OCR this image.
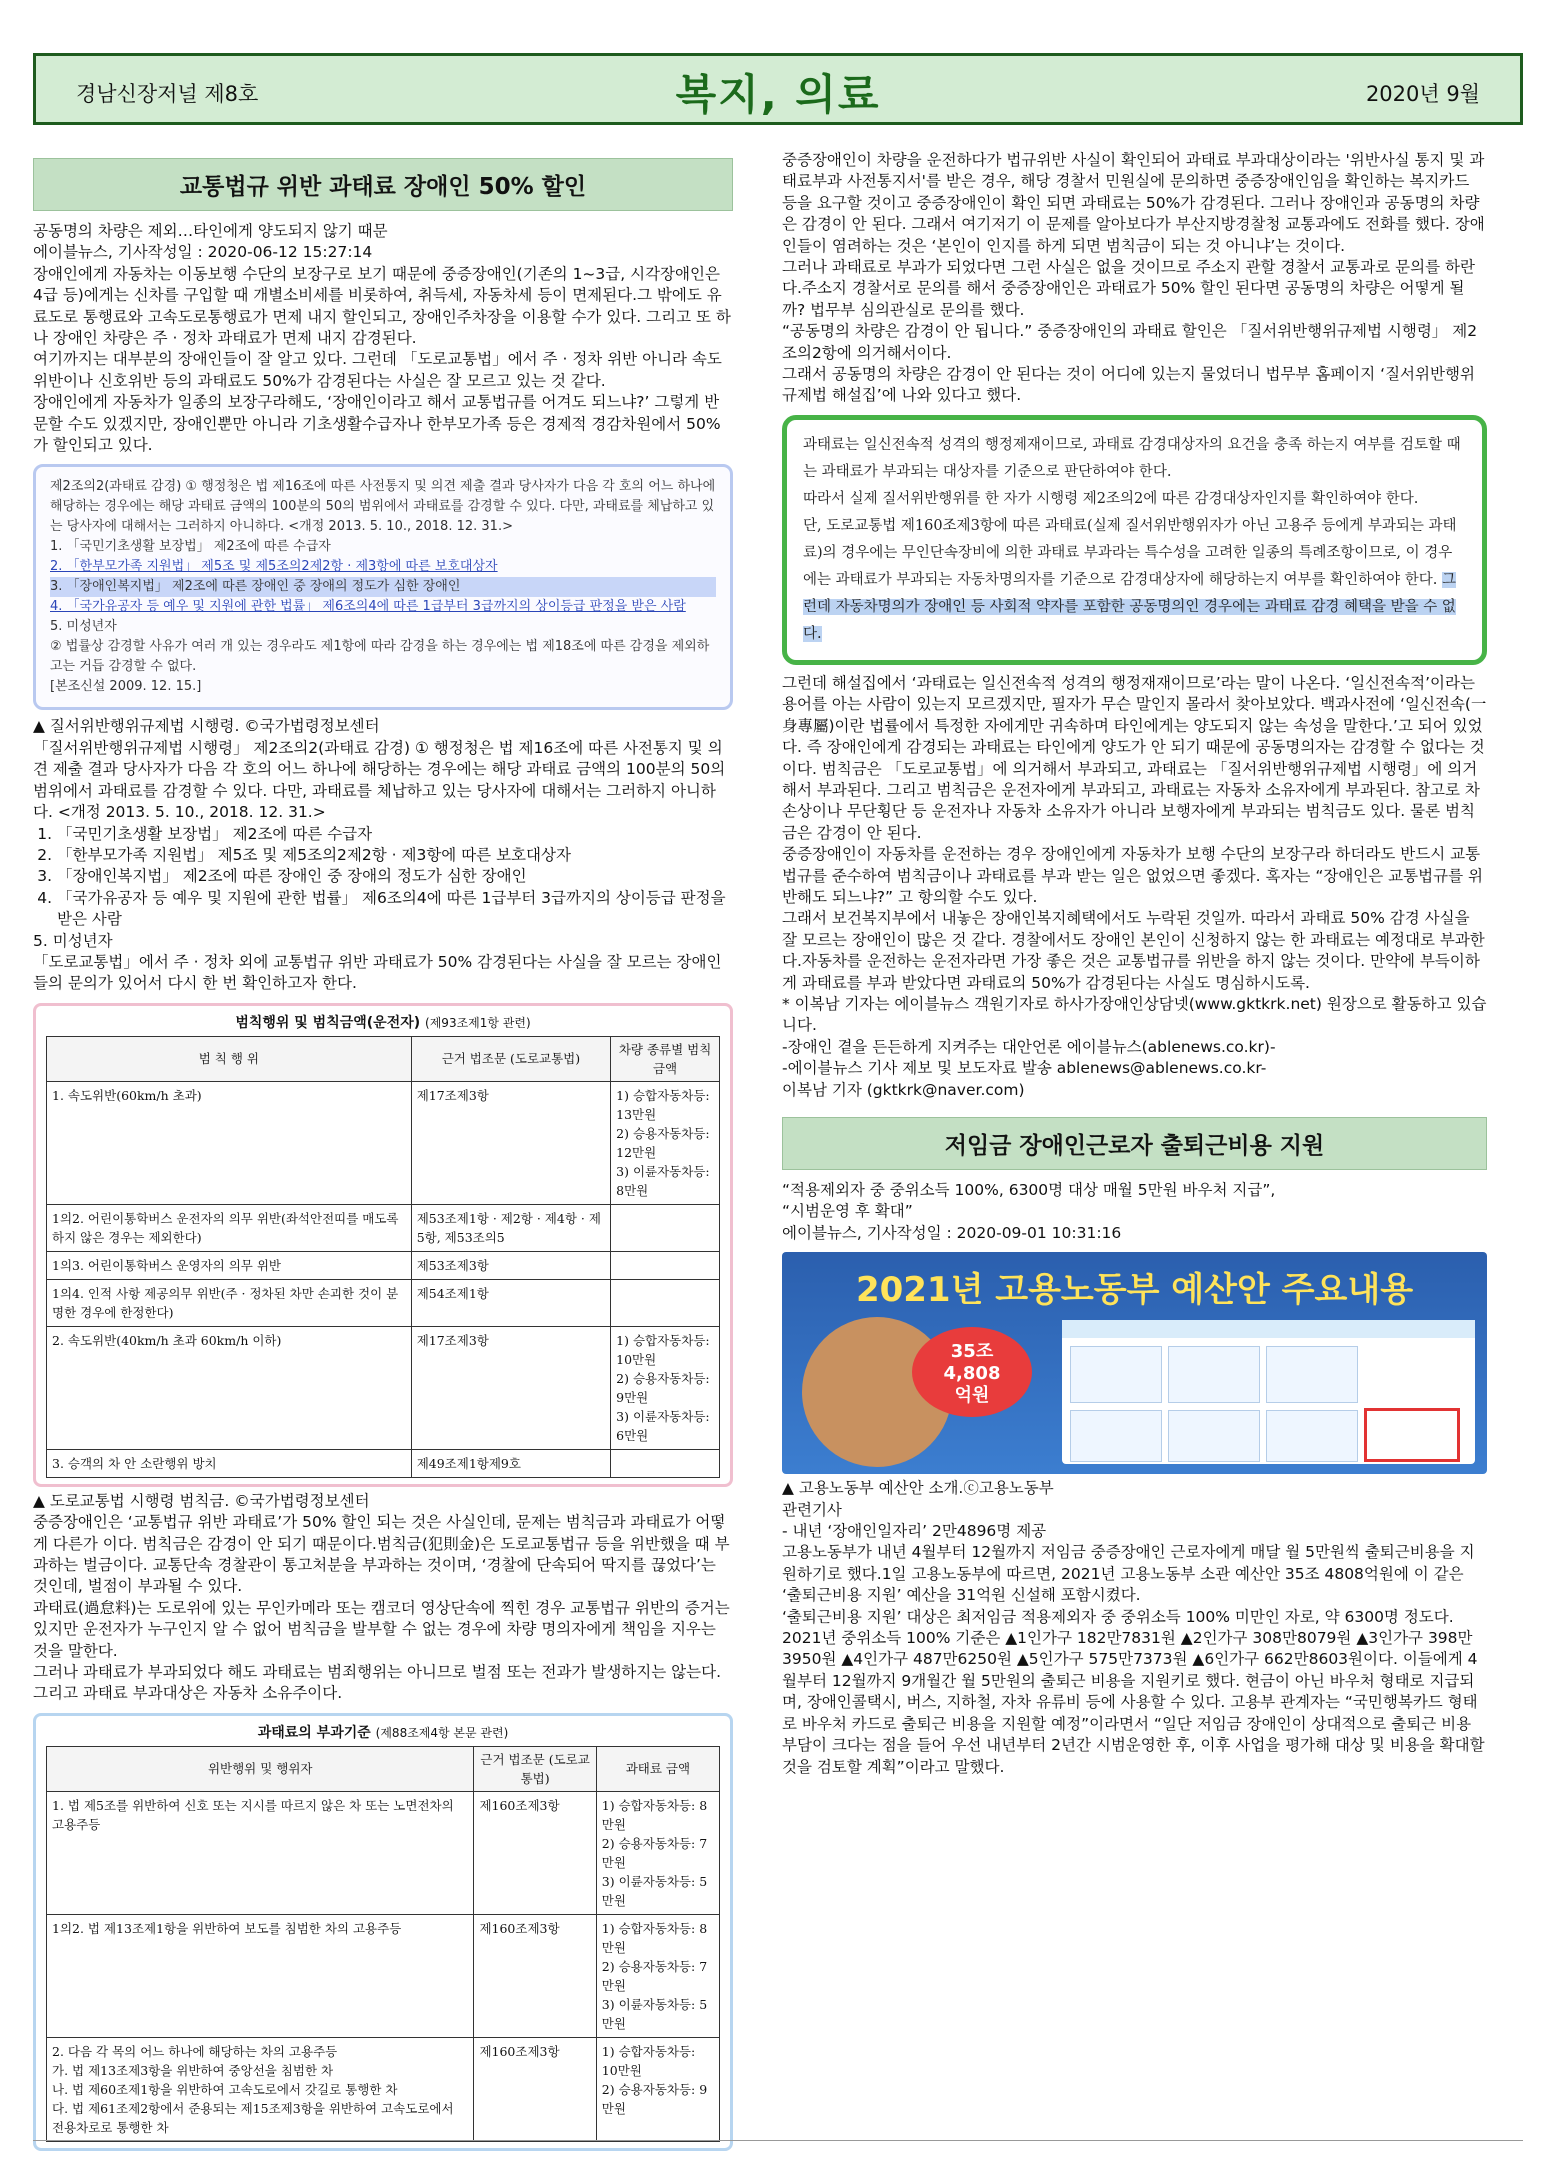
경남신장저널 제8호	복지, 의료	2020년 9월
교통법규 위반 과태료 장애인 50% 할인

공동명의 차량은 제외…타인에게 양도되지 않기 때문

에이블뉴스, 기사작성일 : 2020-06-12 15:27:14

장애인에게 자동차는 이동보행 수단의 보장구로 보기 때문에 중증장애인(기존의 1~3급, 시각장애인은 4급 등)에게는 신차를 구입할 때 개별소비세를 비롯하여, 취득세, 자동차세 등이 면제된다.그 밖에도 유료도로 통행료와 고속도로통행료가 면제 내지 할인되고, 장애인주차장을 이용할 수가 있다. 그리고 또 하나 장애인 차량은 주 · 정차 과태료가 면제 내지 감경된다.

여기까지는 대부분의 장애인들이 잘 알고 있다. 그런데 「도로교통법」에서 주 · 정차 위반 아니라 속도위반이나 신호위반 등의 과태료도 50%가 감경된다는 사실은 잘 모르고 있는 것 같다.

장애인에게 자동차가 일종의 보장구라해도, ‘장애인이라고 해서 교통법규를 어겨도 되느냐?’ 그렇게 반문할 수도 있겠지만, 장애인뿐만 아니라 기초생활수급자나 한부모가족 등은 경제적 경감차원에서 50%가 할인되고 있다.

제2조의2(과태료 감경) ① 행정청은 법 제16조에 따른 사전통지 및 의견 제출 결과 당사자가 다음 각 호의 어느 하나에 해당하는 경우에는 해당 과태료 금액의 100분의 50의 범위에서 과태료를 감경할 수 있다. 다만, 과태료를 체납하고 있는 당사자에 대해서는 그러하지 아니하다. <개정 2013. 5. 10., 2018. 12. 31.>
1. 「국민기초생활 보장법」 제2조에 따른 수급자
2. 「한부모가족 지원법」 제5조 및 제5조의2제2항 · 제3항에 따른 보호대상자
3. 「장애인복지법」 제2조에 따른 장애인 중 장애의 정도가 심한 장애인
4. 「국가유공자 등 예우 및 지원에 관한 법률」 제6조의4에 따른 1급부터 3급까지의 상이등급 판정을 받은 사람
5. 미성년자
② 법률상 감경할 사유가 여러 개 있는 경우라도 제1항에 따라 감경을 하는 경우에는 법 제18조에 따른 감경을 제외하고는 거듭 감경할 수 없다.
[본조신설 2009. 12. 15.]

▲ 질서위반행위규제법 시행령. ©국가법령정보센터

「질서위반행위규제법 시행령」 제2조의2(과태료 감경) ① 행정청은 법 제16조에 따른 사전통지 및 의견 제출 결과 당사자가 다음 각 호의 어느 하나에 해당하는 경우에는 해당 과태료 금액의 100분의 50의 범위에서 과태료를 감경할 수 있다. 다만, 과태료를 체납하고 있는 당사자에 대해서는 그러하지 아니하다. <개정 2013. 5. 10., 2018. 12. 31.>

1. 「국민기초생활 보장법」 제2조에 따른 수급자
2. 「한부모가족 지원법」 제5조 및 제5조의2제2항 · 제3항에 따른 보호대상자
3. 「장애인복지법」 제2조에 따른 장애인 중 장애의 정도가 심한 장애인
4. 「국가유공자 등 예우 및 지원에 관한 법률」 제6조의4에 따른 1급부터 3급까지의 상이등급 판정을 받은 사람

5. 미성년자

「도로교통법」에서 주 · 정차 외에 교통법규 위반 과태료가 50% 감경된다는 사실을 잘 모르는 장애인들의 문의가 있어서 다시 한 번 확인하고자 한다.

범칙행위 및 범칙금액(운전자) (제93조제1항 관련)
범 칙 행 위	근거 법조문 (도로교통법)	차량 종류별 범칙금액
1. 속도위반(60km/h 초과)	제17조제3항	1) 승합자동차등: 13만원
2) 승용자동차등: 12만원
3) 이륜자동차등: 8만원
1의2. 어린이통학버스 운전자의 의무 위반(좌석안전띠를 매도록 하지 않은 경우는 제외한다)	제53조제1항 · 제2항 · 제4항 · 제5항, 제53조의5	
1의3. 어린이통학버스 운영자의 의무 위반	제53조제3항	
1의4. 인적 사항 제공의무 위반(주 · 정차된 차만 손괴한 것이 분명한 경우에 한정한다)	제54조제1항	
2. 속도위반(40km/h 초과 60km/h 이하)	제17조제3항	1) 승합자동차등: 10만원
2) 승용자동차등: 9만원
3) 이륜자동차등: 6만원
3. 승객의 차 안 소란행위 방치	제49조제1항제9호	

▲ 도로교통법 시행령 범칙금. ©국가법령정보센터

중증장애인은 ‘교통법규 위반 과태료’가 50% 할인 되는 것은 사실인데, 문제는 범칙금과 과태료가 어떻게 다른가 이다. 범칙금은 감경이 안 되기 때문이다.범칙금(犯則金)은 도로교통법규 등을 위반했을 때 부과하는 벌금이다. 교통단속 경찰관이 통고처분을 부과하는 것이며, ‘경찰에 단속되어 딱지를 끊었다’는 것인데, 벌점이 부과될 수 있다.

과태료(過怠料)는 도로위에 있는 무인카메라 또는 캠코더 영상단속에 찍힌 경우 교통법규 위반의 증거는 있지만 운전자가 누구인지 알 수 없어 범칙금을 발부할 수 없는 경우에 차량 명의자에게 책임을 지우는 것을 말한다.

그러나 과태료가 부과되었다 해도 과태료는 범죄행위는 아니므로 벌점 또는 전과가 발생하지는 않는다. 그리고 과태료 부과대상은 자동차 소유주이다.

과태료의 부과기준 (제88조제4항 본문 관련)
위반행위 및 행위자	근거 법조문 (도로교통법)	과태료 금액
1. 법 제5조를 위반하여 신호 또는 지시를 따르지 않은 차 또는 노면전차의 고용주등	제160조제3항	1) 승합자동차등: 8만원
2) 승용자동차등: 7만원
3) 이륜자동차등: 5만원
1의2. 법 제13조제1항을 위반하여 보도를 침범한 차의 고용주등	제160조제3항	1) 승합자동차등: 8만원
2) 승용자동차등: 7만원
3) 이륜자동차등: 5만원
2. 다음 각 목의 어느 하나에 해당하는 차의 고용주등
가. 법 제13조제3항을 위반하여 중앙선을 침범한 차
나. 법 제60조제1항을 위반하여 고속도로에서 갓길로 통행한 차
다. 법 제61조제2항에서 준용되는 제15조제3항을 위반하여 고속도로에서 전용차로로 통행한 차	제160조제3항	1) 승합자동차등: 10만원
2) 승용자동차등: 9만원

중증장애인이 차량을 운전하다가 법규위반 사실이 확인되어 과태료 부과대상이라는 '위반사실 통지 및 과태료부과 사전통지서'를 받은 경우, 해당 경찰서 민원실에 문의하면 중증장애인임을 확인하는 복지카드 등을 요구할 것이고 중증장애인이 확인 되면 과태료는 50%가 감경된다. 그러나 장애인과 공동명의 차량은 감경이 안 된다. 그래서 여기저기 이 문제를 알아보다가 부산지방경찰청 교통과에도 전화를 했다. 장애인들이 염려하는 것은 ‘본인이 인지를 하게 되면 범칙금이 되는 것 아니냐’는 것이다.

그러나 과태료로 부과가 되었다면 그런 사실은 없을 것이므로 주소지 관할 경찰서 교통과로 문의를 하란다.주소지 경찰서로 문의를 해서 중증장애인은 과태료가 50% 할인 된다면 공동명의 차량은 어떻게 될까? 법무부 심의관실로 문의를 했다.

“공동명의 차량은 감경이 안 됩니다.” 중증장애인의 과태료 할인은 「질서위반행위규제법 시행령」 제2조의2항에 의거해서이다.

그래서 공동명의 차량은 감경이 안 된다는 것이 어디에 있는지 물었더니 법무부 홈페이지 ‘질서위반행위규제법 해설집’에 나와 있다고 했다.

과태료는 일신전속적 성격의 행정제재이므로, 과태료 감경대상자의 요건을 충족 하는지 여부를 검토할 때는 과태료가 부과되는 대상자를 기준으로 판단하여야 한다.
따라서 실제 질서위반행위를 한 자가 시행령 제2조의2에 따른 감경대상자인지를 확인하여야 한다.
단, 도로교통법 제160조제3항에 따른 과태료(실제 질서위반행위자가 아닌 고용주 등에게 부과되는 과태료)의 경우에는 무인단속장비에 의한 과태료 부과라는 특수성을 고려한 일종의 특례조항이므로, 이 경우에는 과태료가 부과되는 자동차명의자를 기준으로 감경대상자에 해당하는지 여부를 확인하여야 한다. 그런데 자동차명의가 장애인 등 사회적 약자를 포함한 공동명의인 경우에는 과태료 감경 혜택을 받을 수 없다.

그런데 해설집에서 ‘과태료는 일신전속적 성격의 행정재재이므로’라는 말이 나온다. ‘일신전속적’이라는 용어를 아는 사람이 있는지 모르겠지만, 필자가 무슨 말인지 몰라서 찾아보았다. 백과사전에 ‘일신전속(一身專屬)이란 법률에서 특정한 자에게만 귀속하며 타인에게는 양도되지 않는 속성을 말한다.’고 되어 있었다. 즉 장애인에게 감경되는 과태료는 타인에게 양도가 안 되기 때문에 공동명의자는 감경할 수 없다는 것이다. 범칙금은 「도로교통법」에 의거해서 부과되고, 과태료는 「질서위반행위규제법 시행령」에 의거해서 부과된다. 그리고 범칙금은 운전자에게 부과되고, 과태료는 자동차 소유자에게 부과된다. 참고로 차 손상이나 무단횡단 등 운전자나 자동차 소유자가 아니라 보행자에게 부과되는 범칙금도 있다. 물론 범칙금은 감경이 안 된다.

중증장애인이 자동차를 운전하는 경우 장애인에게 자동차가 보행 수단의 보장구라 하더라도 반드시 교통법규를 준수하여 범칙금이나 과태료를 부과 받는 일은 없었으면 좋겠다. 혹자는 “장애인은 교통법규를 위반해도 되느냐?” 고 항의할 수도 있다.

그래서 보건복지부에서 내놓은 장애인복지혜택에서도 누락된 것일까. 따라서 과태료 50% 감경 사실을 잘 모르는 장애인이 많은 것 같다. 경찰에서도 장애인 본인이 신청하지 않는 한 과태료는 예정대로 부과한다.자동차를 운전하는 운전자라면 가장 좋은 것은 교통법규를 위반을 하지 않는 것이다. 만약에 부득이하게 과태료를 부과 받았다면 과태료의 50%가 감경된다는 사실도 명심하시도록.

* 이복남 기자는 에이블뉴스 객원기자로 하사가장애인상담넷(www.gktkrk.net) 원장으로 활동하고 있습니다.

-장애인 곁을 든든하게 지켜주는 대안언론 에이블뉴스(ablenews.co.kr)-

-에이블뉴스 기사 제보 및 보도자료 발송 ablenews@ablenews.co.kr-

이복남 기자 (gktkrk@naver.com)

저임금 장애인근로자 출퇴근비용 지원

“적용제외자 중 중위소득 100%, 6300명 대상 매월 5만원 바우처 지급”,

“시범운영 후 확대”

에이블뉴스, 기사작성일 : 2020-09-01 10:31:16

2021년 고용노동부 예산안 주요내용
35조
4,808
억원

▲ 고용노동부 예산안 소개.ⓒ고용노동부

관련기사

- 내년 ‘장애인일자리’ 2만4896명 제공

고용노동부가 내년 4월부터 12월까지 저임금 중증장애인 근로자에게 매달 월 5만원씩 출퇴근비용을 지원하기로 했다.1일 고용노동부에 따르면, 2021년 고용노동부 소관 예산안 35조 4808억원에 이 같은 ‘출퇴근비용 지원’ 예산을 31억원 신설해 포함시켰다.

‘출퇴근비용 지원’ 대상은 최저임금 적용제외자 중 중위소득 100% 미만인 자로, 약 6300명 정도다.

2021년 중위소득 100% 기준은 ▲1인가구 182만7831원 ▲2인가구 308만8079원 ▲3인가구 398만3950원 ▲4인가구 487만6250원 ▲5인가구 575만7373원 ▲6인가구 662만8603원이다. 이들에게 4월부터 12월까지 9개월간 월 5만원의 출퇴근 비용을 지원키로 했다. 현금이 아닌 바우처 형태로 지급되며, 장애인콜택시, 버스, 지하철, 자차 유류비 등에 사용할 수 있다. 고용부 관계자는 “국민행복카드 형태로 바우처 카드로 출퇴근 비용을 지원할 예정”이라면서 “일단 저임금 장애인이 상대적으로 출퇴근 비용 부담이 크다는 점을 들어 우선 내년부터 2년간 시범운영한 후, 이후 사업을 평가해 대상 및 비용을 확대할 것을 검토할 계획”이라고 말했다.
